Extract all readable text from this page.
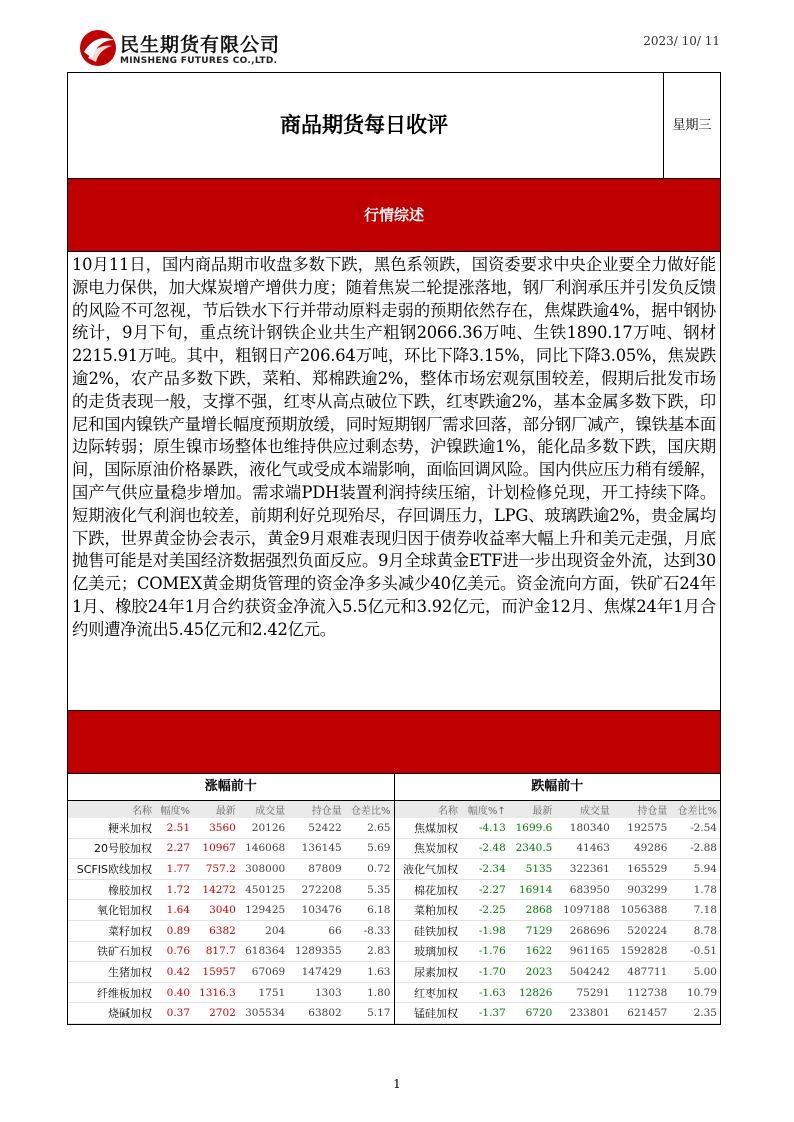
民生期货有限公司
MINSHENG FUTURES CO.,LTD.
2023/ 10/ 11
商品期货每日收评	星期三
行情综述
10月11日，国内商品期市收盘多数下跌，黑色系领跌，国资委要求中央企业要全力做好能源电力保供，加大煤炭增产增供力度；随着焦炭二轮提涨落地，钢厂利润承压并引发负反馈的风险不可忽视，节后铁水下行并带动原料走弱的预期依然存在，焦煤跌逾4%，据中钢协统计，9月下旬，重点统计钢铁企业共生产粗钢2066.36万吨、生铁1890.17万吨、钢材2215.91万吨。其中，粗钢日产206.64万吨，环比下降3.15%，同比下降3.05%，焦炭跌逾2%，农产品多数下跌，菜粕、郑棉跌逾2%，整体市场宏观氛围较差，假期后批发市场的走货表现一般，支撑不强，红枣从高点破位下跌，红枣跌逾2%，基本金属多数下跌，印尼和国内镍铁产量增长幅度预期放缓，同时短期钢厂需求回落，部分钢厂减产，镍铁基本面边际转弱；原生镍市场整体也维持供应过剩态势，沪镍跌逾1%，能化品多数下跌，国庆期间，国际原油价格暴跌，液化气或受成本端影响，面临回调风险。国内供应压力稍有缓解，国产气供应量稳步增加。需求端PDH装置利润持续压缩，计划检修兑现，开工持续下降。短期液化气利润也较差，前期利好兑现殆尽，存回调压力，LPG、玻璃跌逾2%，贵金属均下跌，世界黄金协会表示，黄金9月艰难表现归因于债券收益率大幅上升和美元走强，月底抛售可能是对美国经济数据强烈负面反应。9月全球黄金ETF进一步出现资金外流，达到30亿美元；COMEX黄金期货管理的资金净多头减少40亿美元。资金流向方面，铁矿石24年1月、橡胶24年1月合约获资金净流入5.5亿元和3.92亿元，而沪金12月、焦煤24年1月合约则遭净流出5.45亿元和2.42亿元。
涨幅前十
名称	幅度%	最新	成交量	持仓量	仓差比%
粳米加权	2.51	3560	20126	52422	2.65
20号胶加权	2.27	10967	146068	136145	5.69
SCFIS欧线加权	1.77	757.2	308000	87809	0.72
橡胶加权	1.72	14272	450125	272208	5.35
氧化铝加权	1.64	3040	129425	103476	6.18
菜籽加权	0.89	6382	204	66	-8.33
铁矿石加权	0.76	817.7	618364	1289355	2.83
生猪加权	0.42	15957	67069	147429	1.63
纤维板加权	0.40	1316.3	1751	1303	1.80
烧碱加权	0.37	2702	305534	63802	5.17
跌幅前十
名称	幅度%↑	最新	成交量	持仓量	仓差比%
焦煤加权	-4.13	1699.6	180340	192575	-2.54
焦炭加权	-2.48	2340.5	41463	49286	-2.88
液化气加权	-2.34	5135	322361	165529	5.94
棉花加权	-2.27	16914	683950	903299	1.78
菜粕加权	-2.25	2868	1097188	1056388	7.18
硅铁加权	-1.98	7129	268696	520224	8.78
玻璃加权	-1.76	1622	961165	1592828	-0.51
尿素加权	-1.70	2023	504242	487711	5.00
红枣加权	-1.63	12826	75291	112738	10.79
锰硅加权	-1.37	6720	233801	621457	2.35
1
